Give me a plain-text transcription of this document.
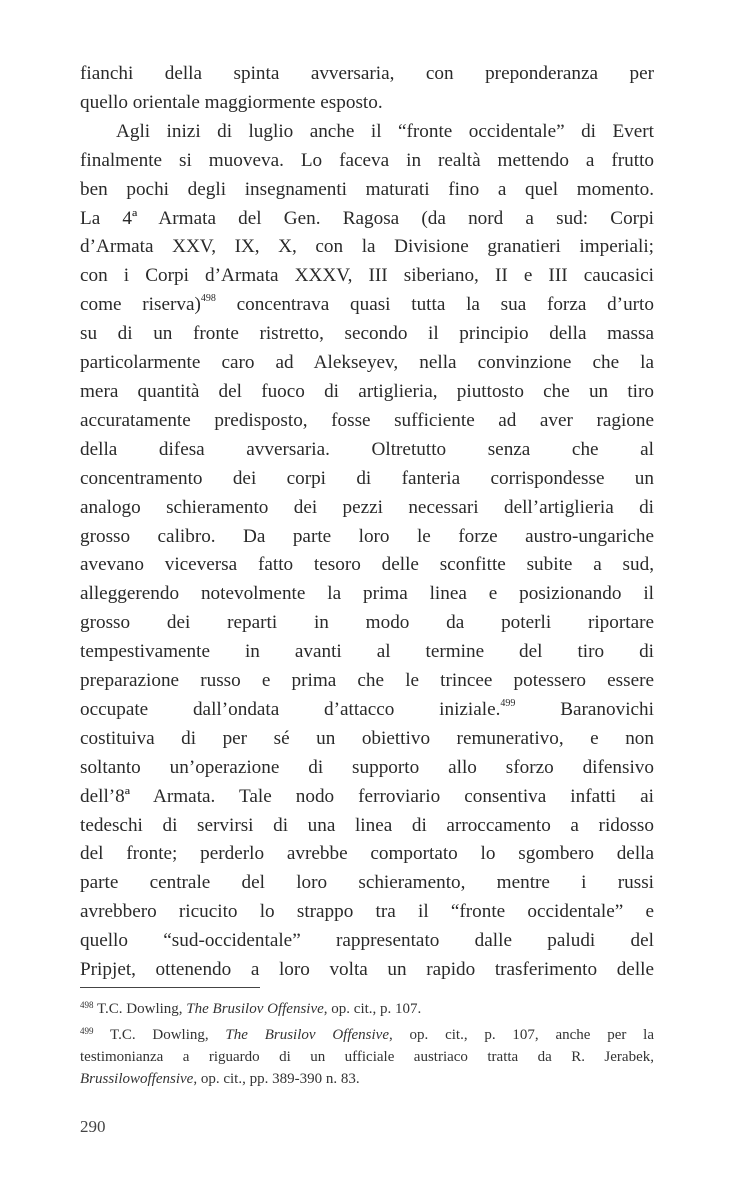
fianchi della spinta avversaria, con preponderanza per
quello orientale maggiormente esposto.

Agli inizi di luglio anche il “fronte occidentale” di Evert
finalmente si muoveva. Lo faceva in realtà mettendo a frutto
ben pochi degli insegnamenti maturati fino a quel momento.
La 4ª Armata del Gen. Ragosa (da nord a sud: Corpi
d’Armata XXV, IX, X, con la Divisione granatieri imperiali;
con i Corpi d’Armata XXXV, III siberiano, II e III caucasici
come riserva)$^{498}$ concentrava quasi tutta la sua forza d’urto
su di un fronte ristretto, secondo il principio della massa
particolarmente caro ad Alekseyev, nella convinzione che la
mera quantità del fuoco di artiglieria, piuttosto che un tiro
accuratamente predisposto, fosse sufficiente ad aver ragione
della difesa avversaria. Oltretutto senza che al
concentramento dei corpi di fanteria corrispondesse un
analogo schieramento dei pezzi necessari dell’artiglieria di
grosso calibro. Da parte loro le forze austro-ungariche
avevano viceversa fatto tesoro delle sconfitte subite a sud,
alleggerendo notevolmente la prima linea e posizionando il
grosso dei reparti in modo da poterli riportare
tempestivamente in avanti al termine del tiro di
preparazione russo e prima che le trincee potessero essere
occupate dall’ondata d’attacco iniziale.$^{499}$ Baranovichi
costituiva di per sé un obiettivo remunerativo, e non
soltanto un’operazione di supporto allo sforzo difensivo
dell’8ª Armata. Tale nodo ferroviario consentiva infatti ai
tedeschi di servirsi di una linea di arroccamento a ridosso
del fronte; perderlo avrebbe comportato lo sgombero della
parte centrale del loro schieramento, mentre i russi
avrebbero ricucito lo strappo tra il “fronte occidentale” e
quello “sud-occidentale” rappresentato dalle paludi del
Pripjet, ottenendo a loro volta un rapido trasferimento delle

$^{498}$ T.C. Dowling, The Brusilov Offensive, op. cit., p. 107.
$^{499}$ T.C. Dowling, The Brusilov Offensive, op. cit., p. 107, anche per la
testimonianza a riguardo di un ufficiale austriaco tratta da R. Jerabek,
Brussilowoffensive, op. cit., pp. 389-390 n. 83.
290
